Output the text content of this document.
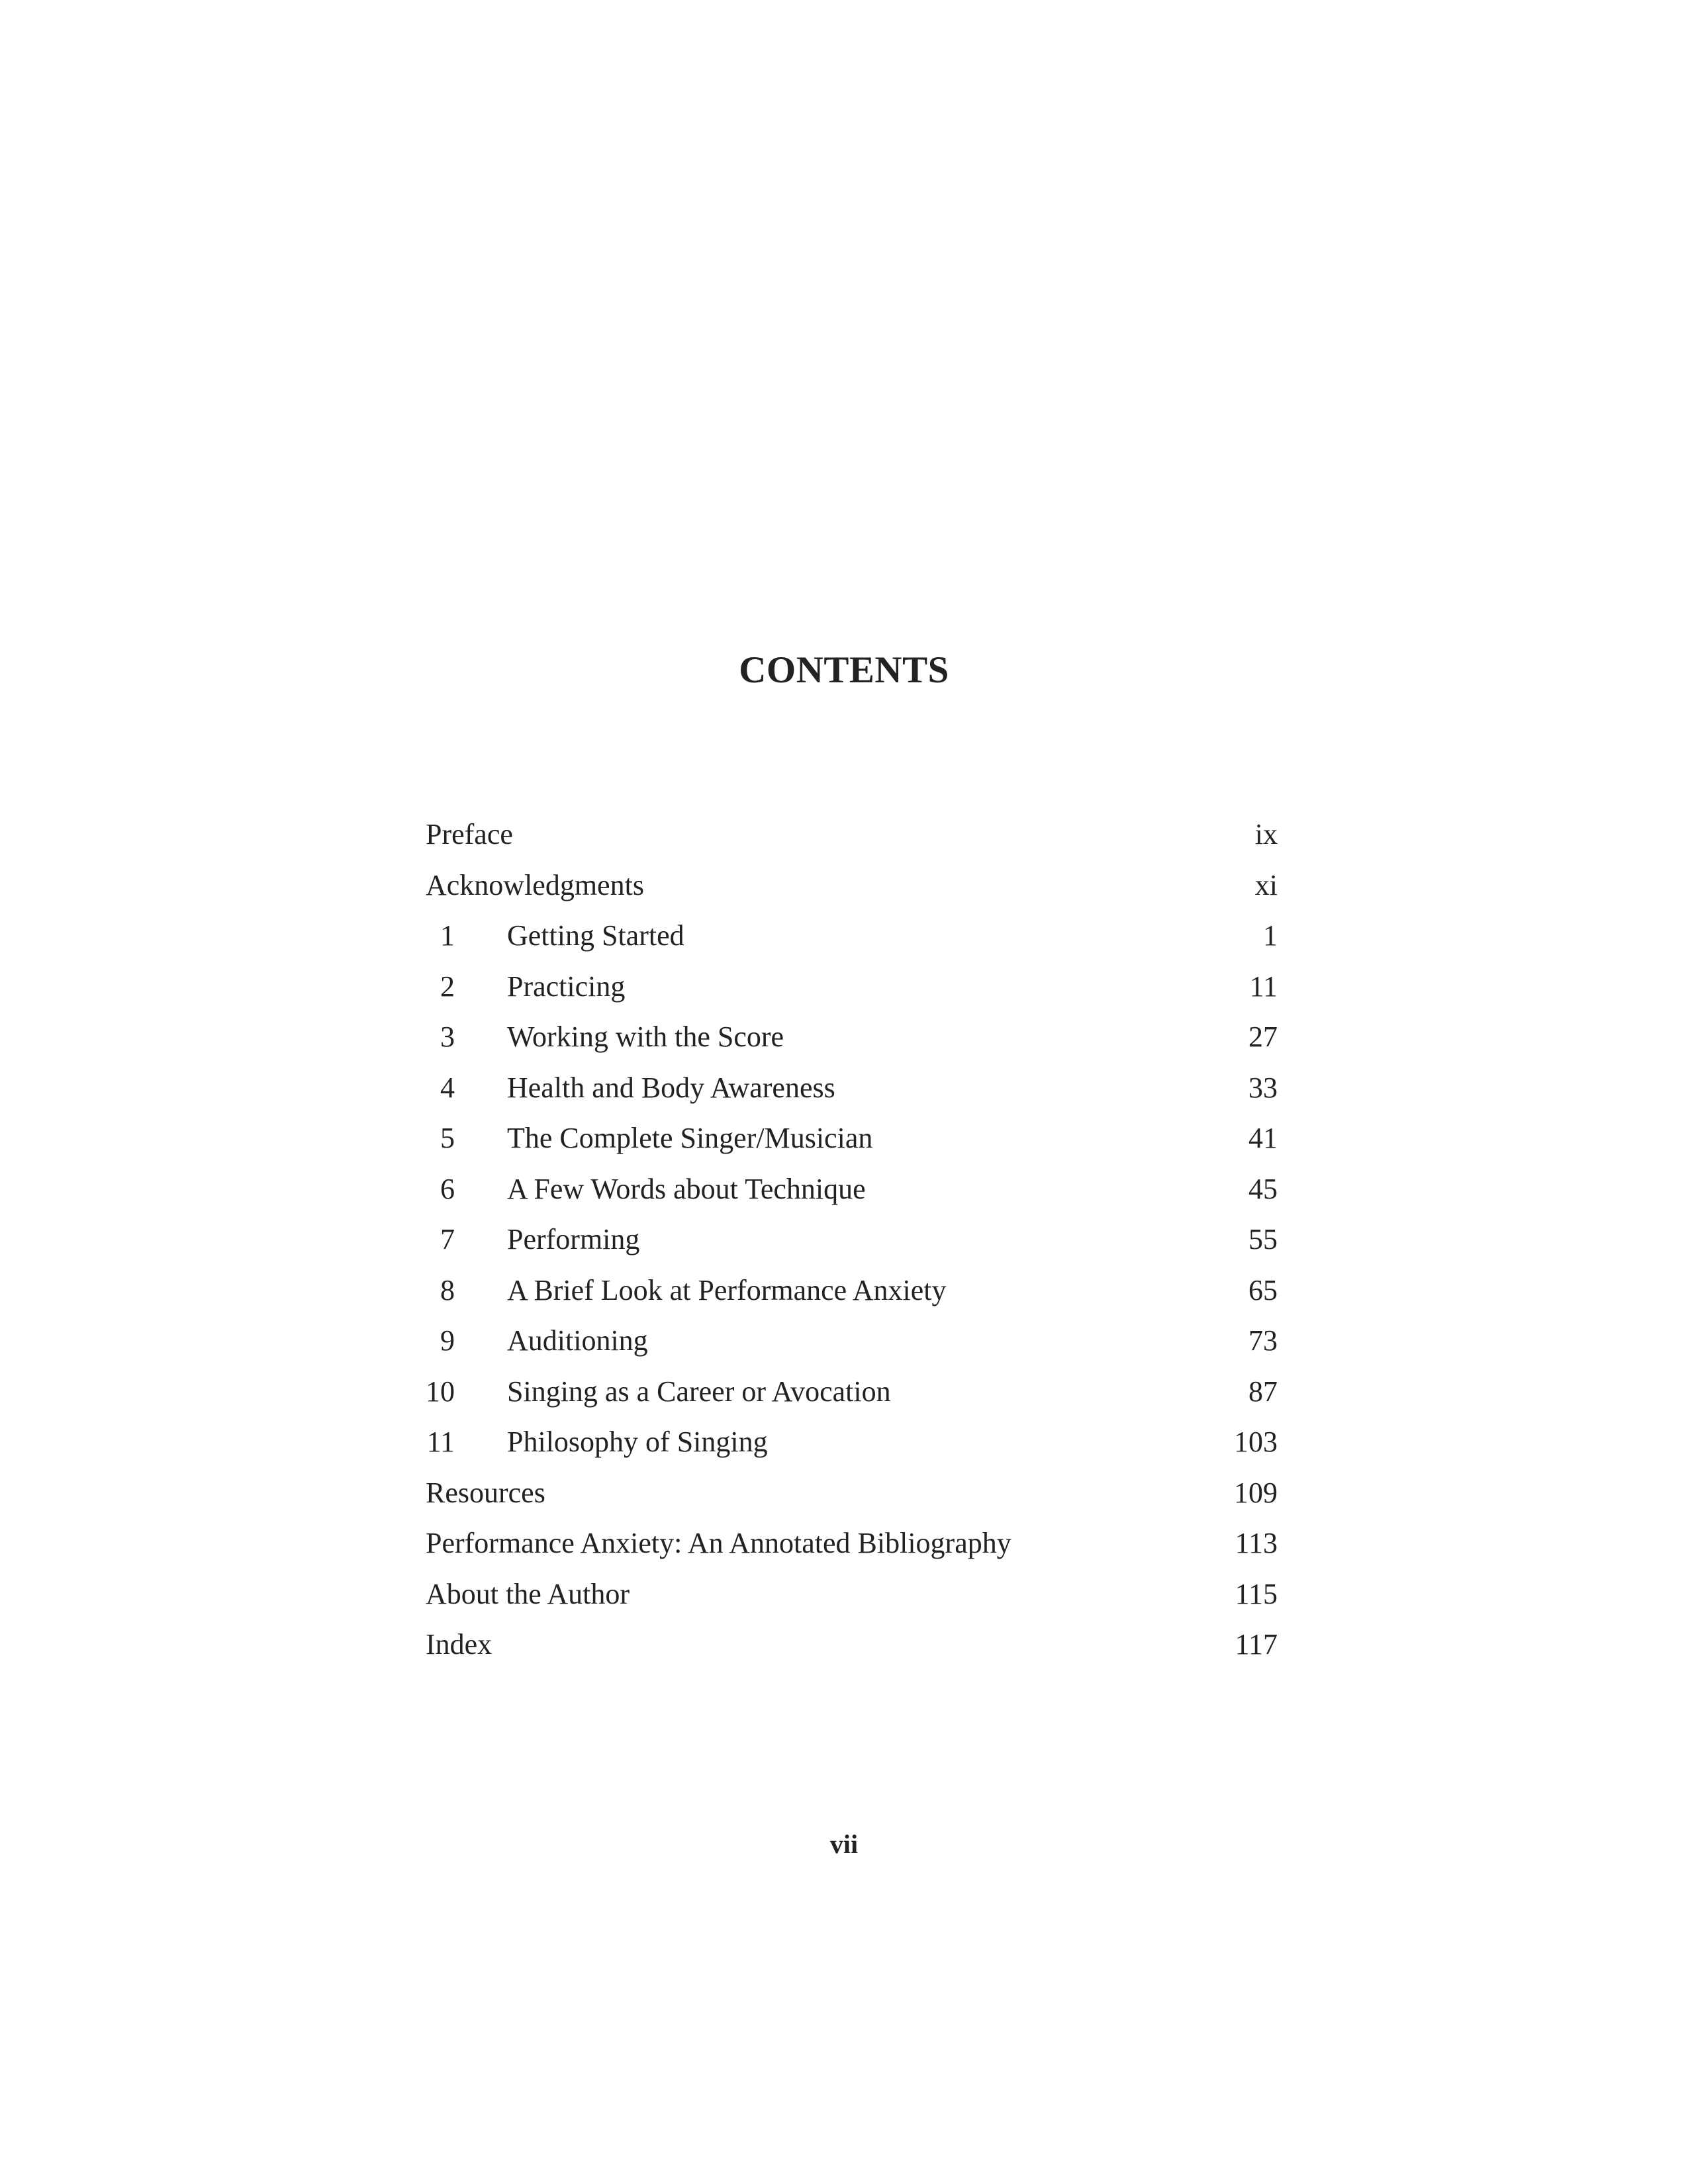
CONTENTS
Preface	ix
Acknowledgments	xi
1 Getting Started	1
2 Practicing	11
3 Working with the Score	27
4 Health and Body Awareness	33
5 The Complete Singer/Musician	41
6 A Few Words about Technique	45
7 Performing	55
8 A Brief Look at Performance Anxiety	65
9 Auditioning	73
10 Singing as a Career or Avocation	87
11 Philosophy of Singing	103
Resources	109
Performance Anxiety: An Annotated Bibliography	113
About the Author	115
Index	117
vii
